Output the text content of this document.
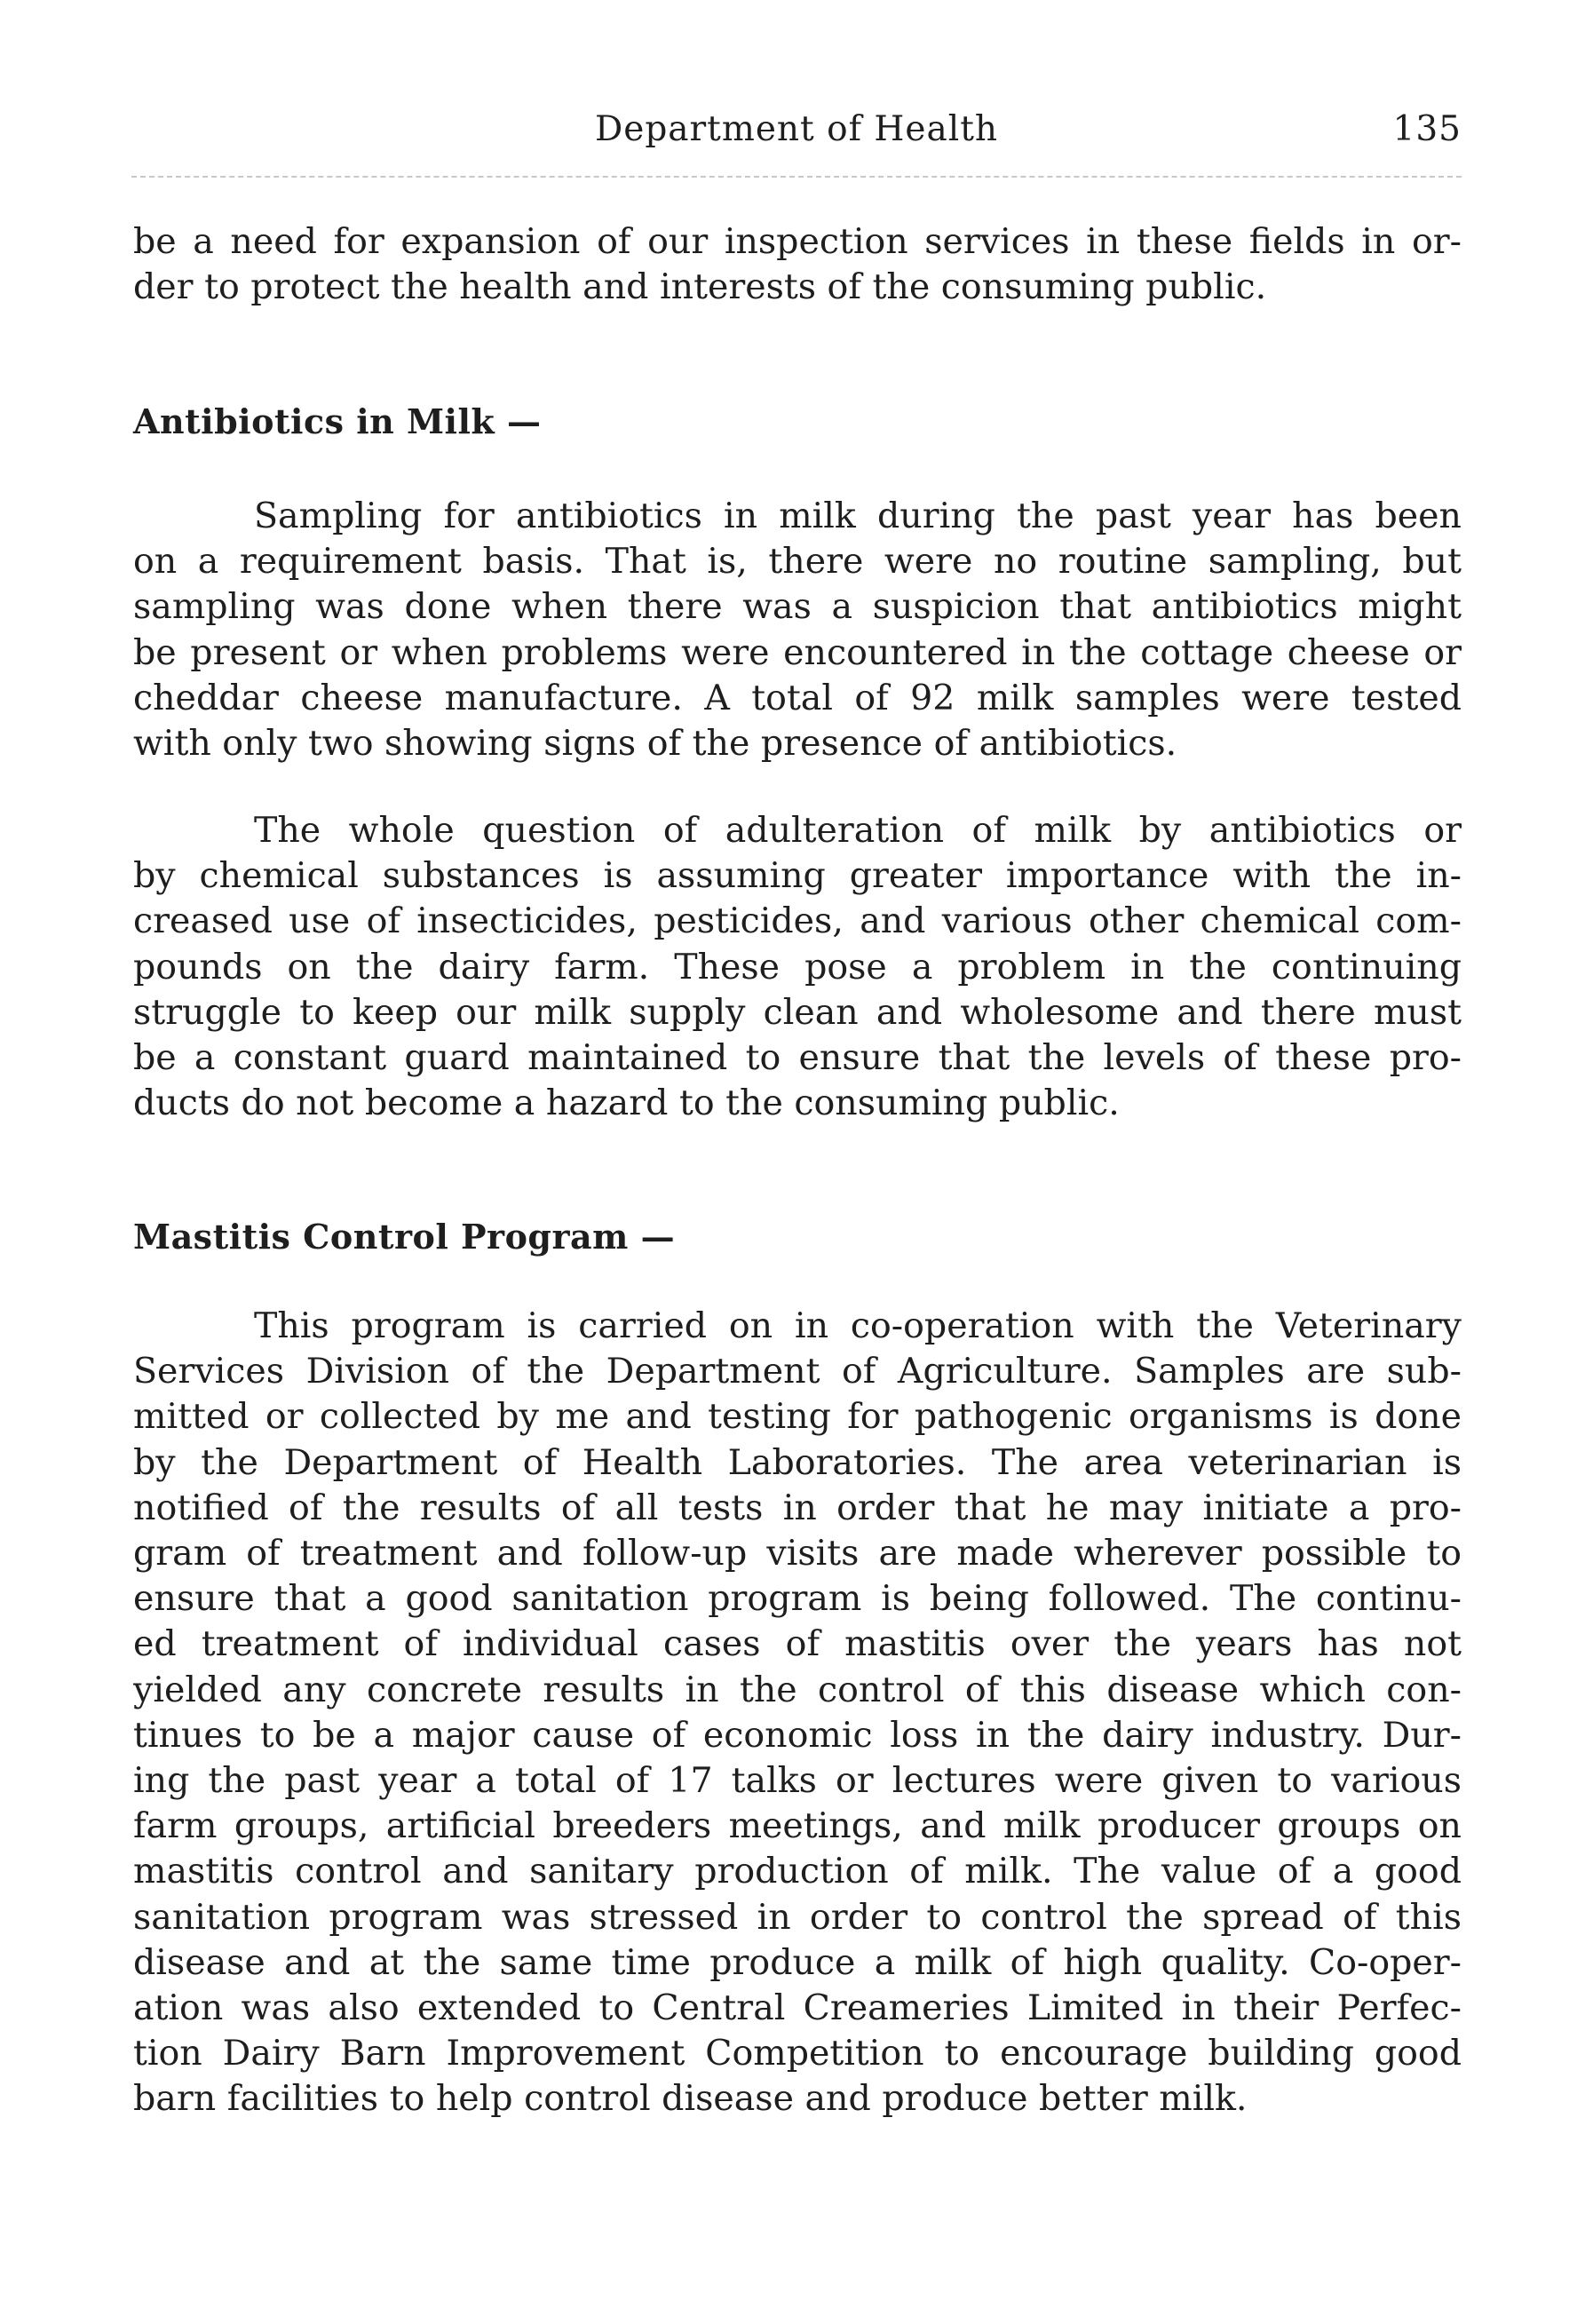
Department of Health	135
be a need for expansion of our inspection services in these fields in or-
der to protect the health and interests of the consuming public.
Antibiotics in Milk —
Sampling for antibiotics in milk during the past year has been
on a requirement basis. That is, there were no routine sampling, but
sampling was done when there was a suspicion that antibiotics might
be present or when problems were encountered in the cottage cheese or
cheddar cheese manufacture. A total of 92 milk samples were tested
with only two showing signs of the presence of antibiotics.
The whole question of adulteration of milk by antibiotics or
by chemical substances is assuming greater importance with the in-
creased use of insecticides, pesticides, and various other chemical com-
pounds on the dairy farm. These pose a problem in the continuing
struggle to keep our milk supply clean and wholesome and there must
be a constant guard maintained to ensure that the levels of these pro-
ducts do not become a hazard to the consuming public.
Mastitis Control Program —
This program is carried on in co-operation with the Veterinary
Services Division of the Department of Agriculture. Samples are sub-
mitted or collected by me and testing for pathogenic organisms is done
by the Department of Health Laboratories. The area veterinarian is
notified of the results of all tests in order that he may initiate a pro-
gram of treatment and follow-up visits are made wherever possible to
ensure that a good sanitation program is being followed. The continu-
ed treatment of individual cases of mastitis over the years has not
yielded any concrete results in the control of this disease which con-
tinues to be a major cause of economic loss in the dairy industry. Dur-
ing the past year a total of 17 talks or lectures were given to various
farm groups, artificial breeders meetings, and milk producer groups on
mastitis control and sanitary production of milk. The value of a good
sanitation program was stressed in order to control the spread of this
disease and at the same time produce a milk of high quality. Co-oper-
ation was also extended to Central Creameries Limited in their Perfec-
tion Dairy Barn Improvement Competition to encourage building good
barn facilities to help control disease and produce better milk.
